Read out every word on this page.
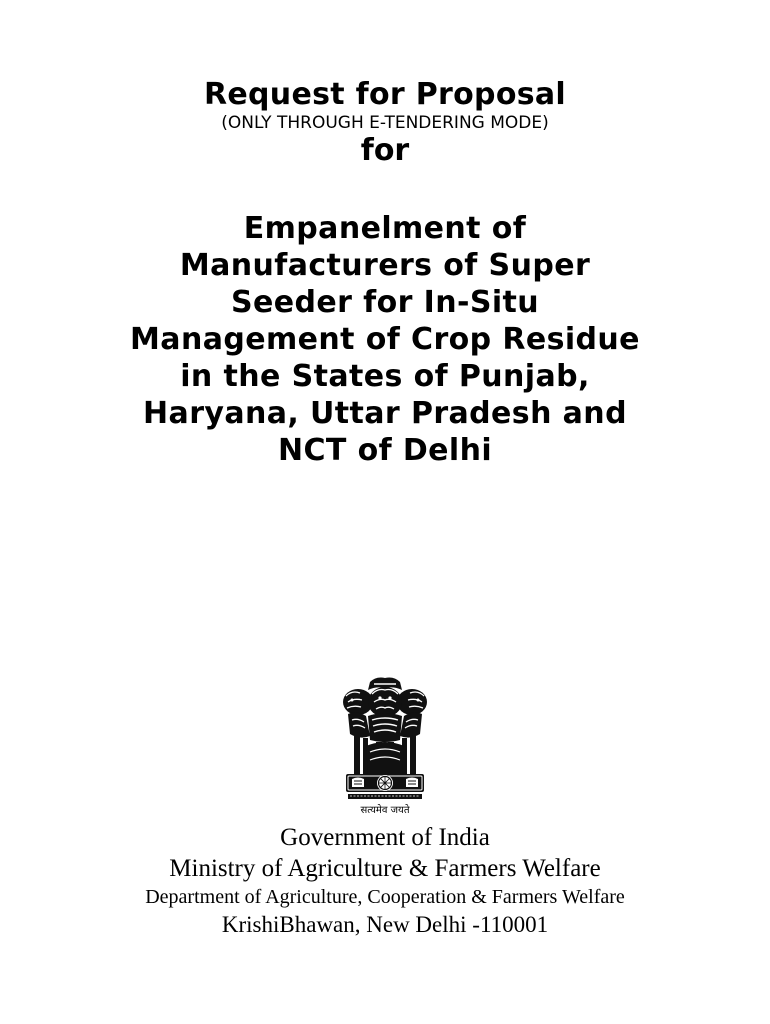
Request for Proposal
(ONLY THROUGH E-TENDERING MODE)
for
Empanelment of
Manufacturers of Super
Seeder for In-Situ
Management of Crop Residue
in the States of Punjab,
Haryana, Uttar Pradesh and
NCT of Delhi
सत्यमेव जयते
Government of India
Ministry of Agriculture & Farmers Welfare
Department of Agriculture, Cooperation & Farmers Welfare
KrishiBhawan, New Delhi -110001
